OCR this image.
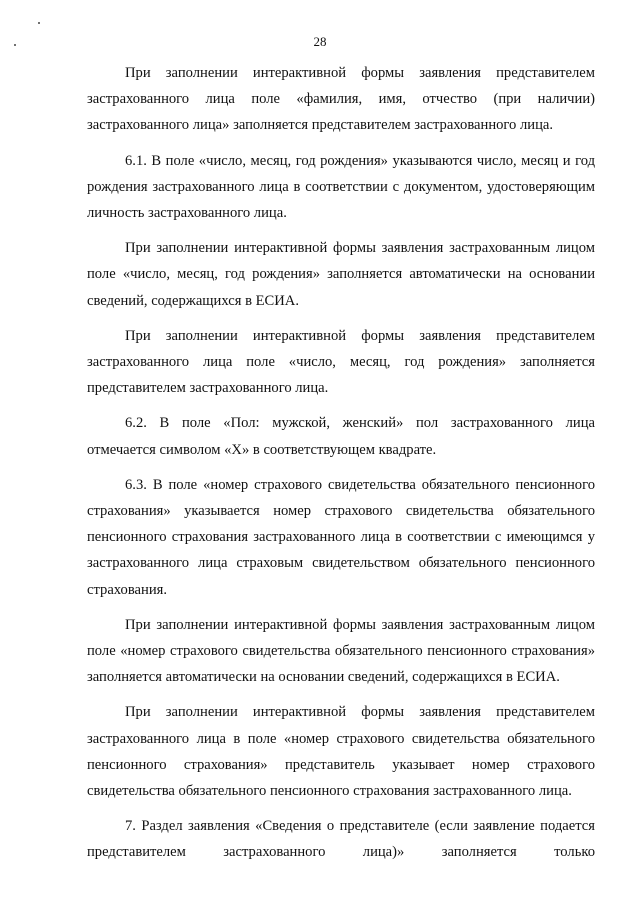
28

При заполнении интерактивной формы заявления представителем застрахованного лица поле «фамилия, имя, отчество (при наличии) застрахованного лица» заполняется представителем застрахованного лица.

6.1. В поле «число, месяц, год рождения» указываются число, месяц и год рождения застрахованного лица в соответствии с документом, удостоверяющим личность застрахованного лица.

При заполнении интерактивной формы заявления застрахованным лицом поле «число, месяц, год рождения» заполняется автоматически на основании сведений, содержащихся в ЕСИА.

При заполнении интерактивной формы заявления представителем застрахованного лица поле «число, месяц, год рождения» заполняется представителем застрахованного лица.

6.2. В поле «Пол: мужской, женский» пол застрахованного лица отмечается символом «Х» в соответствующем квадрате.

6.3. В поле «номер страхового свидетельства обязательного пенсионного страхования» указывается номер страхового свидетельства обязательного пенсионного страхования застрахованного лица в соответствии с имеющимся у застрахованного лица страховым свидетельством обязательного пенсионного страхования.

При заполнении интерактивной формы заявления застрахованным лицом поле «номер страхового свидетельства обязательного пенсионного страхования» заполняется автоматически на основании сведений, содержащихся в ЕСИА.

При заполнении интерактивной формы заявления представителем застрахованного лица в поле «номер страхового свидетельства обязательного пенсионного страхования» представитель указывает номер страхового свидетельства обязательного пенсионного страхования застрахованного лица.

7. Раздел заявления «Сведения о представителе (если заявление подается представителем застрахованного лица)» заполняется только
